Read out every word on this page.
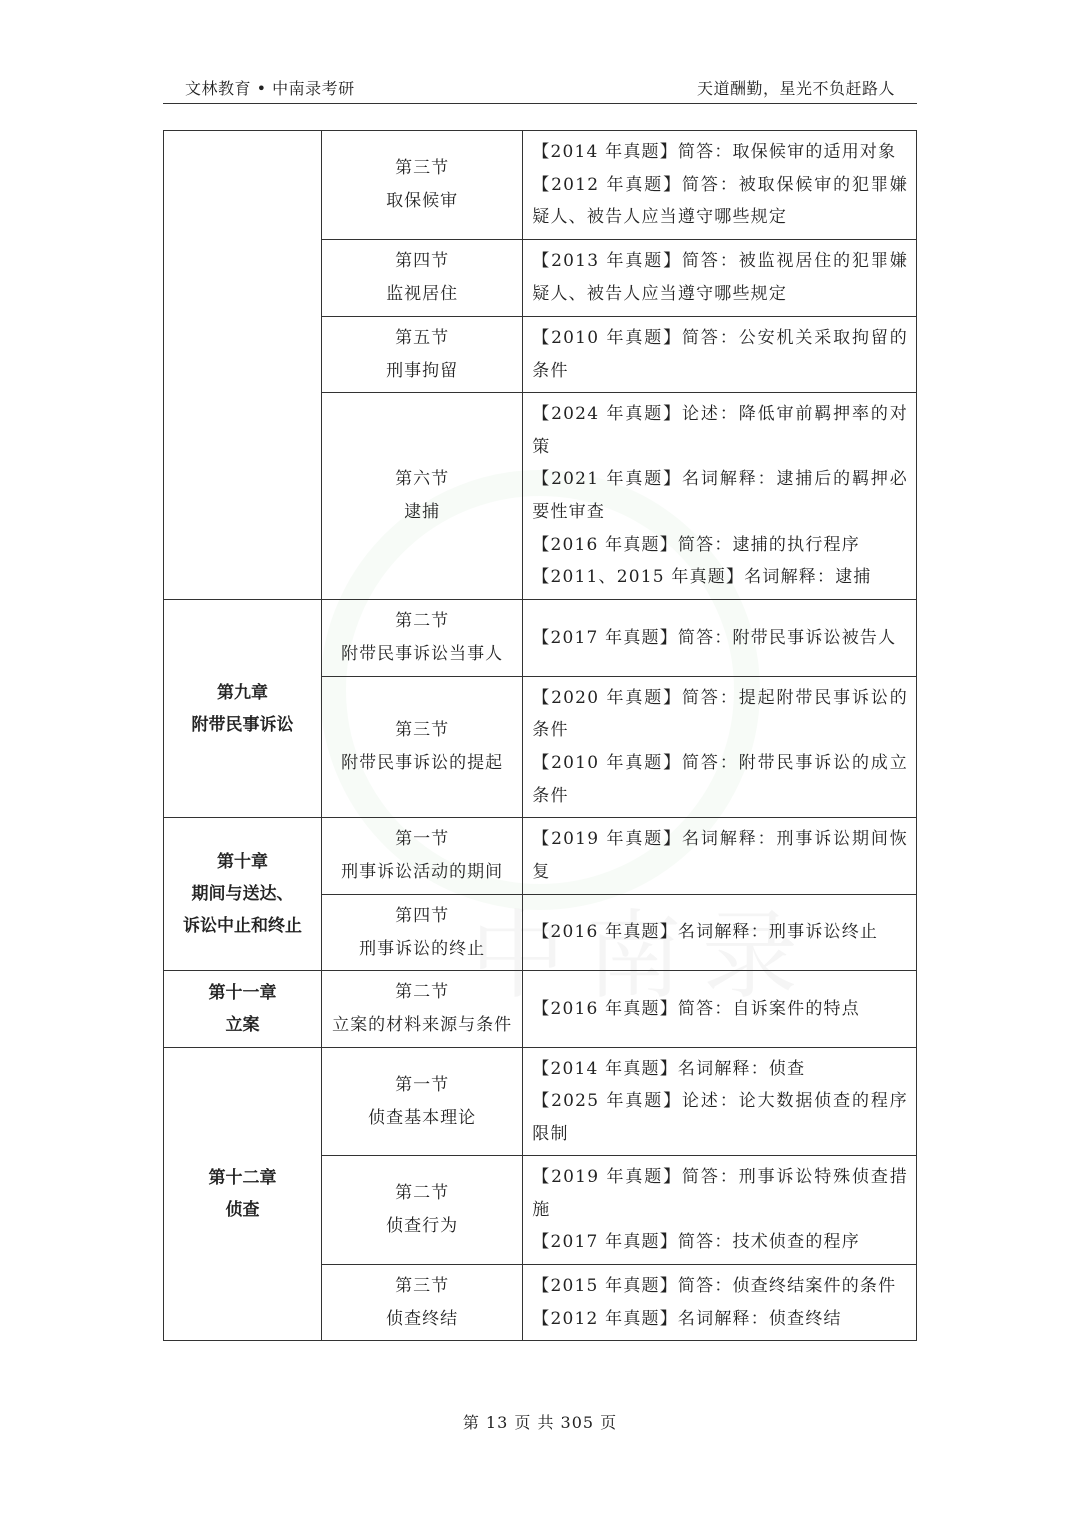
文林教育 • 中南录考研	天道酬勤，星光不负赶路人

	第三节
取保候审	【2014 年真题】简答：取保候审的适用对象
【2012 年真题】简答：被取保候审的犯罪嫌疑人、被告人应当遵守哪些规定

	第四节
监视居住	【2013 年真题】简答：被监视居住的犯罪嫌疑人、被告人应当遵守哪些规定

	第五节
刑事拘留	【2010 年真题】简答：公安机关采取拘留的条件

	第六节
逮捕	【2024 年真题】论述：降低审前羁押率的对策
【2021 年真题】名词解释：逮捕后的羁押必要性审查
【2016 年真题】简答：逮捕的执行程序
【2011、2015 年真题】名词解释：逮捕

第九章
附带民事诉讼	第二节
附带民事诉讼当事人	【2017 年真题】简答：附带民事诉讼被告人

	第三节
附带民事诉讼的提起	【2020 年真题】简答：提起附带民事诉讼的条件
【2010 年真题】简答：附带民事诉讼的成立条件

第十章
期间与送达、
诉讼中止和终止	第一节
刑事诉讼活动的期间	【2019 年真题】名词解释：刑事诉讼期间恢复

	第四节
刑事诉讼的终止	【2016 年真题】名词解释：刑事诉讼终止

第十一章
立案	第二节
立案的材料来源与条件	【2016 年真题】简答：自诉案件的特点

第十二章
侦查	第一节
侦查基本理论	【2014 年真题】名词解释：侦查
【2025 年真题】论述：论大数据侦查的程序限制

	第二节
侦查行为	【2019 年真题】简答：刑事诉讼特殊侦查措施
【2017 年真题】简答：技术侦查的程序

	第三节
侦查终结	【2015 年真题】简答：侦查终结案件的条件
【2012 年真题】名词解释：侦查终结
第 13 页 共 305 页
